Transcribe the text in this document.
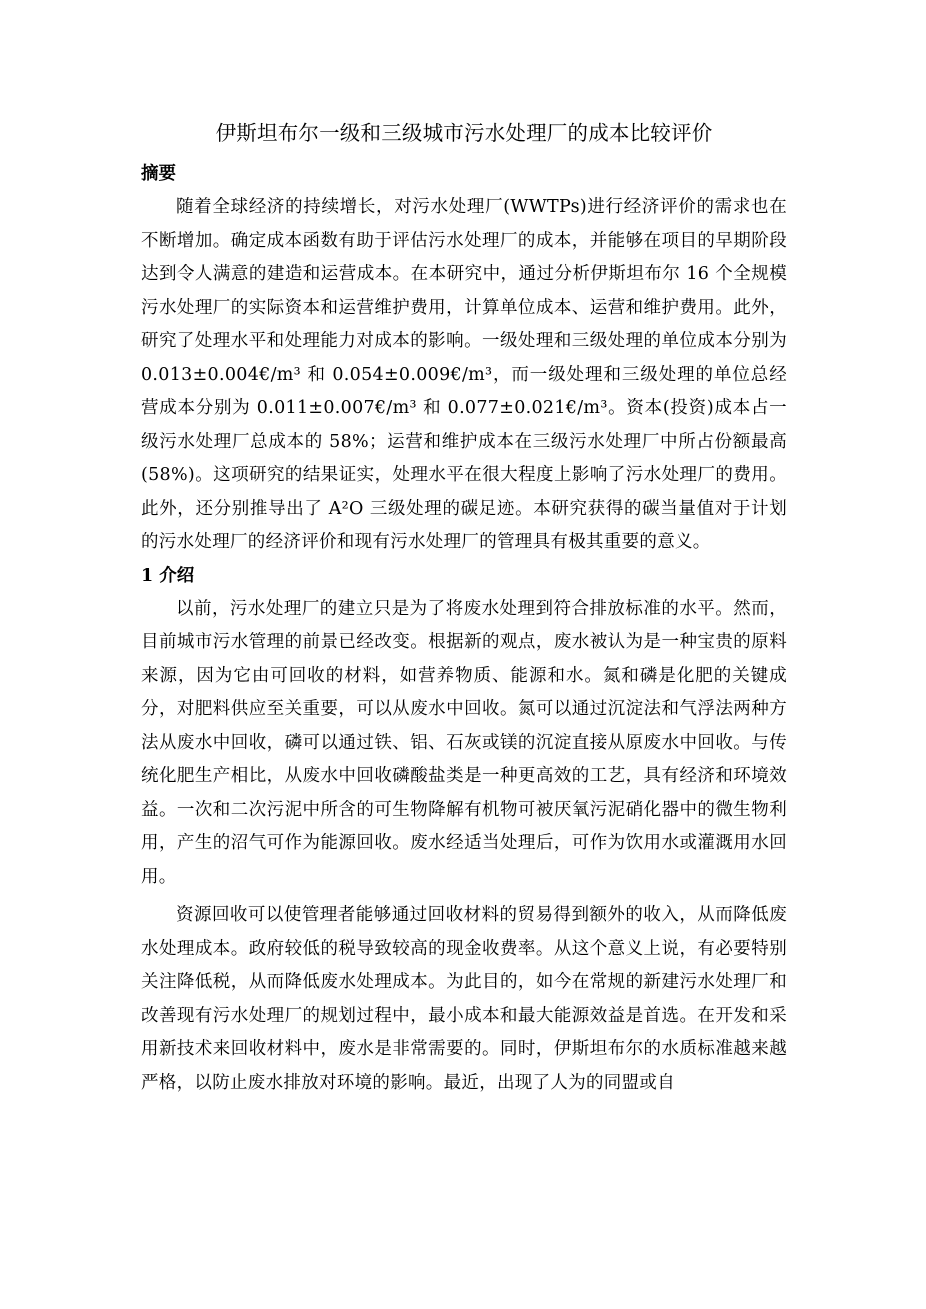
伊斯坦布尔一级和三级城市污水处理厂的成本比较评价
摘要

随着全球经济的持续增长，对污水处理厂(WWTPs)进行经济评价的需求也在不断增加。确定成本函数有助于评估污水处理厂的成本，并能够在项目的早期阶段达到令人满意的建造和运营成本。在本研究中，通过分析伊斯坦布尔 16 个全规模污水处理厂的实际资本和运营维护费用，计算单位成本、运营和维护费用。此外，研究了处理水平和处理能力对成本的影响。一级处理和三级处理的单位成本分别为 0.013±0.004€/m³ 和 0.054±0.009€/m³，而一级处理和三级处理的单位总经营成本分别为 0.011±0.007€/m³ 和 0.077±0.021€/m³。资本(投资)成本占一级污水处理厂总成本的 58%；运营和维护成本在三级污水处理厂中所占份额最高(58%)。这项研究的结果证实，处理水平在很大程度上影响了污水处理厂的费用。此外，还分别推导出了 A²O 三级处理的碳足迹。本研究获得的碳当量值对于计划的污水处理厂的经济评价和现有污水处理厂的管理具有极其重要的意义。

1 介绍

以前，污水处理厂的建立只是为了将废水处理到符合排放标准的水平。然而，目前城市污水管理的前景已经改变。根据新的观点，废水被认为是一种宝贵的原料来源，因为它由可回收的材料，如营养物质、能源和水。氮和磷是化肥的关键成分，对肥料供应至关重要，可以从废水中回收。氮可以通过沉淀法和气浮法两种方法从废水中回收，磷可以通过铁、铝、石灰或镁的沉淀直接从原废水中回收。与传统化肥生产相比，从废水中回收磷酸盐类是一种更高效的工艺，具有经济和环境效益。一次和二次污泥中所含的可生物降解有机物可被厌氧污泥硝化器中的微生物利用，产生的沼气可作为能源回收。废水经适当处理后，可作为饮用水或灌溉用水回用。

资源回收可以使管理者能够通过回收材料的贸易得到额外的收入，从而降低废水处理成本。政府较低的税导致较高的现金收费率。从这个意义上说，有必要特别关注降低税，从而降低废水处理成本。为此目的，如今在常规的新建污水处理厂和改善现有污水处理厂的规划过程中，最小成本和最大能源效益是首选。在开发和采用新技术来回收材料中，废水是非常需要的。同时，伊斯坦布尔的水质标准越来越严格，以防止废水排放对环境的影响。最近，出现了人为的同盟或自
